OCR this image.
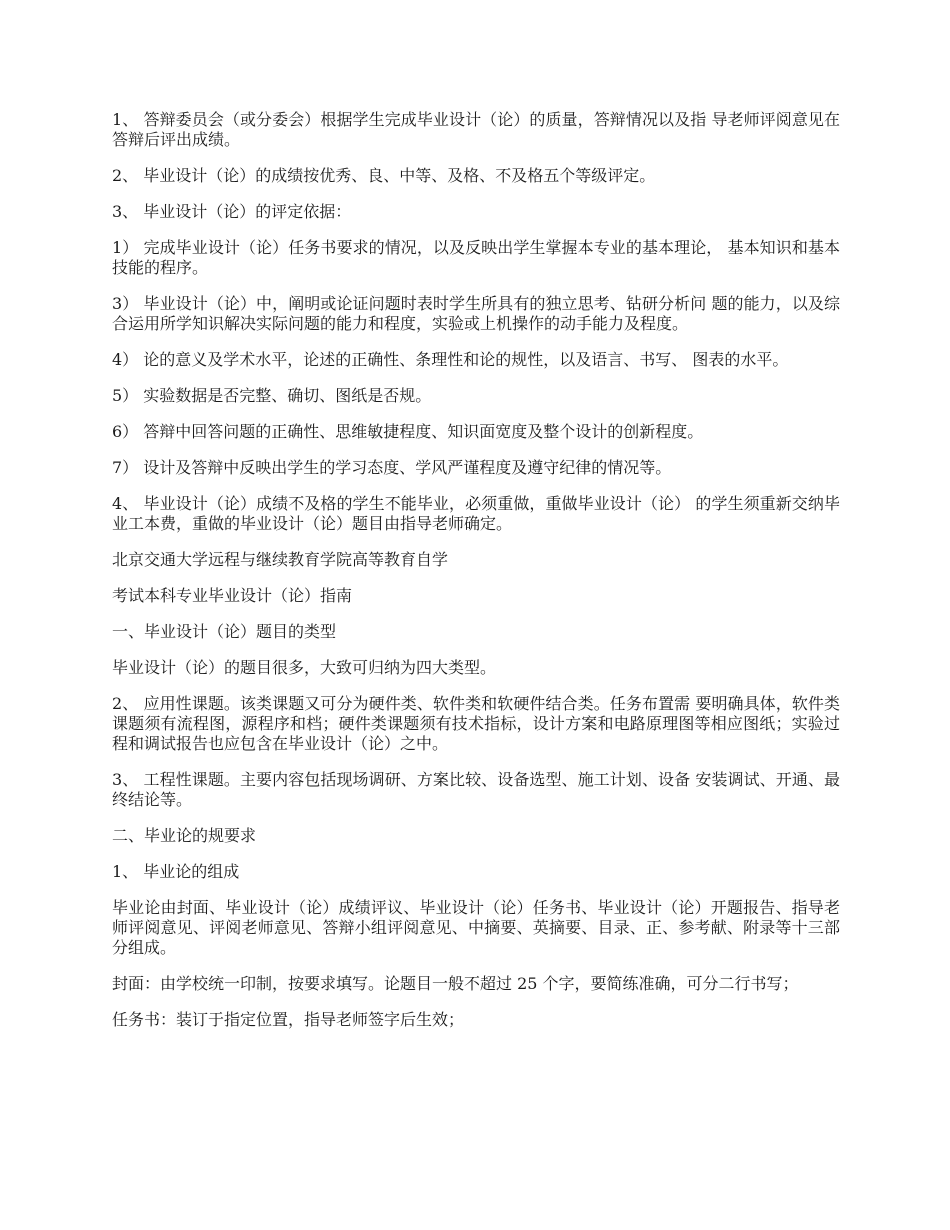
1、 答辩委员会（或分委会）根据学生完成毕业设计（论）的质量，答辩情况以及指 导老师评阅意见在答辩后评出成绩。

2、 毕业设计（论）的成绩按优秀、良、中等、及格、不及格五个等级评定。

3、 毕业设计（论）的评定依据：

1） 完成毕业设计（论）任务书要求的情况，以及反映出学生掌握本专业的基本理论， 基本知识和基本技能的程序。

3） 毕业设计（论）中，阐明或论证问题时表时学生所具有的独立思考、钻研分析问 题的能力，以及综合运用所学知识解决实际问题的能力和程度，实验或上机操作的动手能力及程度。

4） 论的意义及学术水平，论述的正确性、条理性和论的规性，以及语言、书写、 图表的水平。

5） 实验数据是否完整、确切、图纸是否规。

6） 答辩中回答问题的正确性、思维敏捷程度、知识面宽度及整个设计的创新程度。

7） 设计及答辩中反映出学生的学习态度、学风严谨程度及遵守纪律的情况等。

4、 毕业设计（论）成绩不及格的学生不能毕业，必须重做，重做毕业设计（论） 的学生须重新交纳毕业工本费，重做的毕业设计（论）题目由指导老师确定。

北京交通大学远程与继续教育学院高等教育自学

考试本科专业毕业设计（论）指南

一、毕业设计（论）题目的类型

毕业设计（论）的题目很多，大致可归纳为四大类型。

2、 应用性课题。该类课题又可分为硬件类、软件类和软硬件结合类。任务布置需 要明确具体，软件类课题须有流程图，源程序和档；硬件类课题须有技术指标，设计方案和电路原理图等相应图纸；实验过程和调试报告也应包含在毕业设计（论）之中。

3、 工程性课题。主要内容包括现场调研、方案比较、设备选型、施工计划、设备 安装调试、开通、最终结论等。

二、毕业论的规要求

1、 毕业论的组成

毕业论由封面、毕业设计（论）成绩评议、毕业设计（论）任务书、毕业设计（论）开题报告、指导老师评阅意见、评阅老师意见、答辩小组评阅意见、中摘要、英摘要、目录、正、参考献、附录等十三部分组成。

封面：由学校统一印制，按要求填写。论题目一般不超过 25 个字，要简练准确，可分二行书写；

任务书：装订于指定位置，指导老师签字后生效；
